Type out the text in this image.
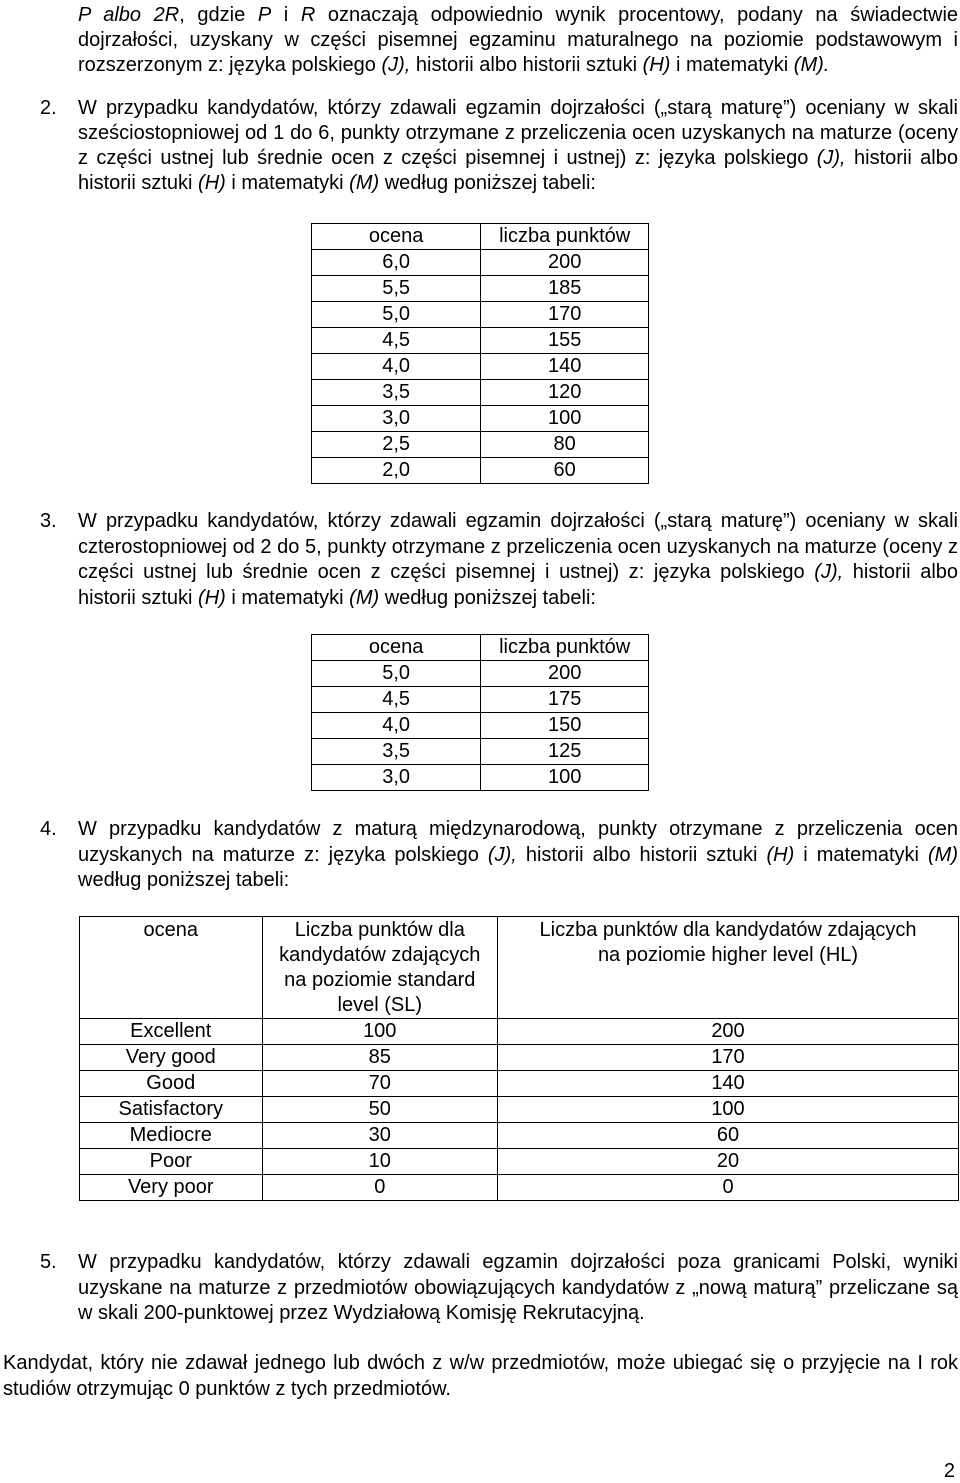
P albo 2R, gdzie P i R oznaczają odpowiednio wynik procentowy, podany na świadectwie dojrzałości, uzyskany w części pisemnej egzaminu maturalnego na poziomie podstawowym i rozszerzonym z: języka polskiego (J), historii albo historii sztuki (H) i matematyki (M).
2. W przypadku kandydatów, którzy zdawali egzamin dojrzałości („starą maturę”) oceniany w skali sześciostopniowej od 1 do 6, punkty otrzymane z przeliczenia ocen uzyskanych na maturze (oceny z części ustnej lub średnie ocen z części pisemnej i ustnej) z: języka polskiego (J), historii albo historii sztuki (H) i matematyki (M) według poniższej tabeli:
ocena	liczba punktów
6,0	200
5,5	185
5,0	170
4,5	155
4,0	140
3,5	120
3,0	100
2,5	80
2,0	60
3. W przypadku kandydatów, którzy zdawali egzamin dojrzałości („starą maturę”) oceniany w skali czterostopniowej od 2 do 5, punkty otrzymane z przeliczenia ocen uzyskanych na maturze (oceny z części ustnej lub średnie ocen z części pisemnej i ustnej) z: języka polskiego (J), historii albo historii sztuki (H) i matematyki (M) według poniższej tabeli:
ocena	liczba punktów
5,0	200
4,5	175
4,0	150
3,5	125
3,0	100
4. W przypadku kandydatów z maturą międzynarodową, punkty otrzymane z przeliczenia ocen uzyskanych na maturze z: języka polskiego (J), historii albo historii sztuki (H) i matematyki (M) według poniższej tabeli:
ocena	Liczba punktów dla kandydatów zdających na poziomie standard level (SL)	Liczba punktów dla kandydatów zdających na poziomie higher level (HL)
Excellent	100	200
Very good	85	170
Good	70	140
Satisfactory	50	100
Mediocre	30	60
Poor	10	20
Very poor	0	0
5. W przypadku kandydatów, którzy zdawali egzamin dojrzałości poza granicami Polski, wyniki uzyskane na maturze z przedmiotów obowiązujących kandydatów z „nową maturą” przeliczane są w skali 200-punktowej przez Wydziałową Komisję Rekrutacyjną.
Kandydat, który nie zdawał jednego lub dwóch z w/w przedmiotów, może ubiegać się o przyjęcie na I rok studiów otrzymując 0 punktów z tych przedmiotów.
2
